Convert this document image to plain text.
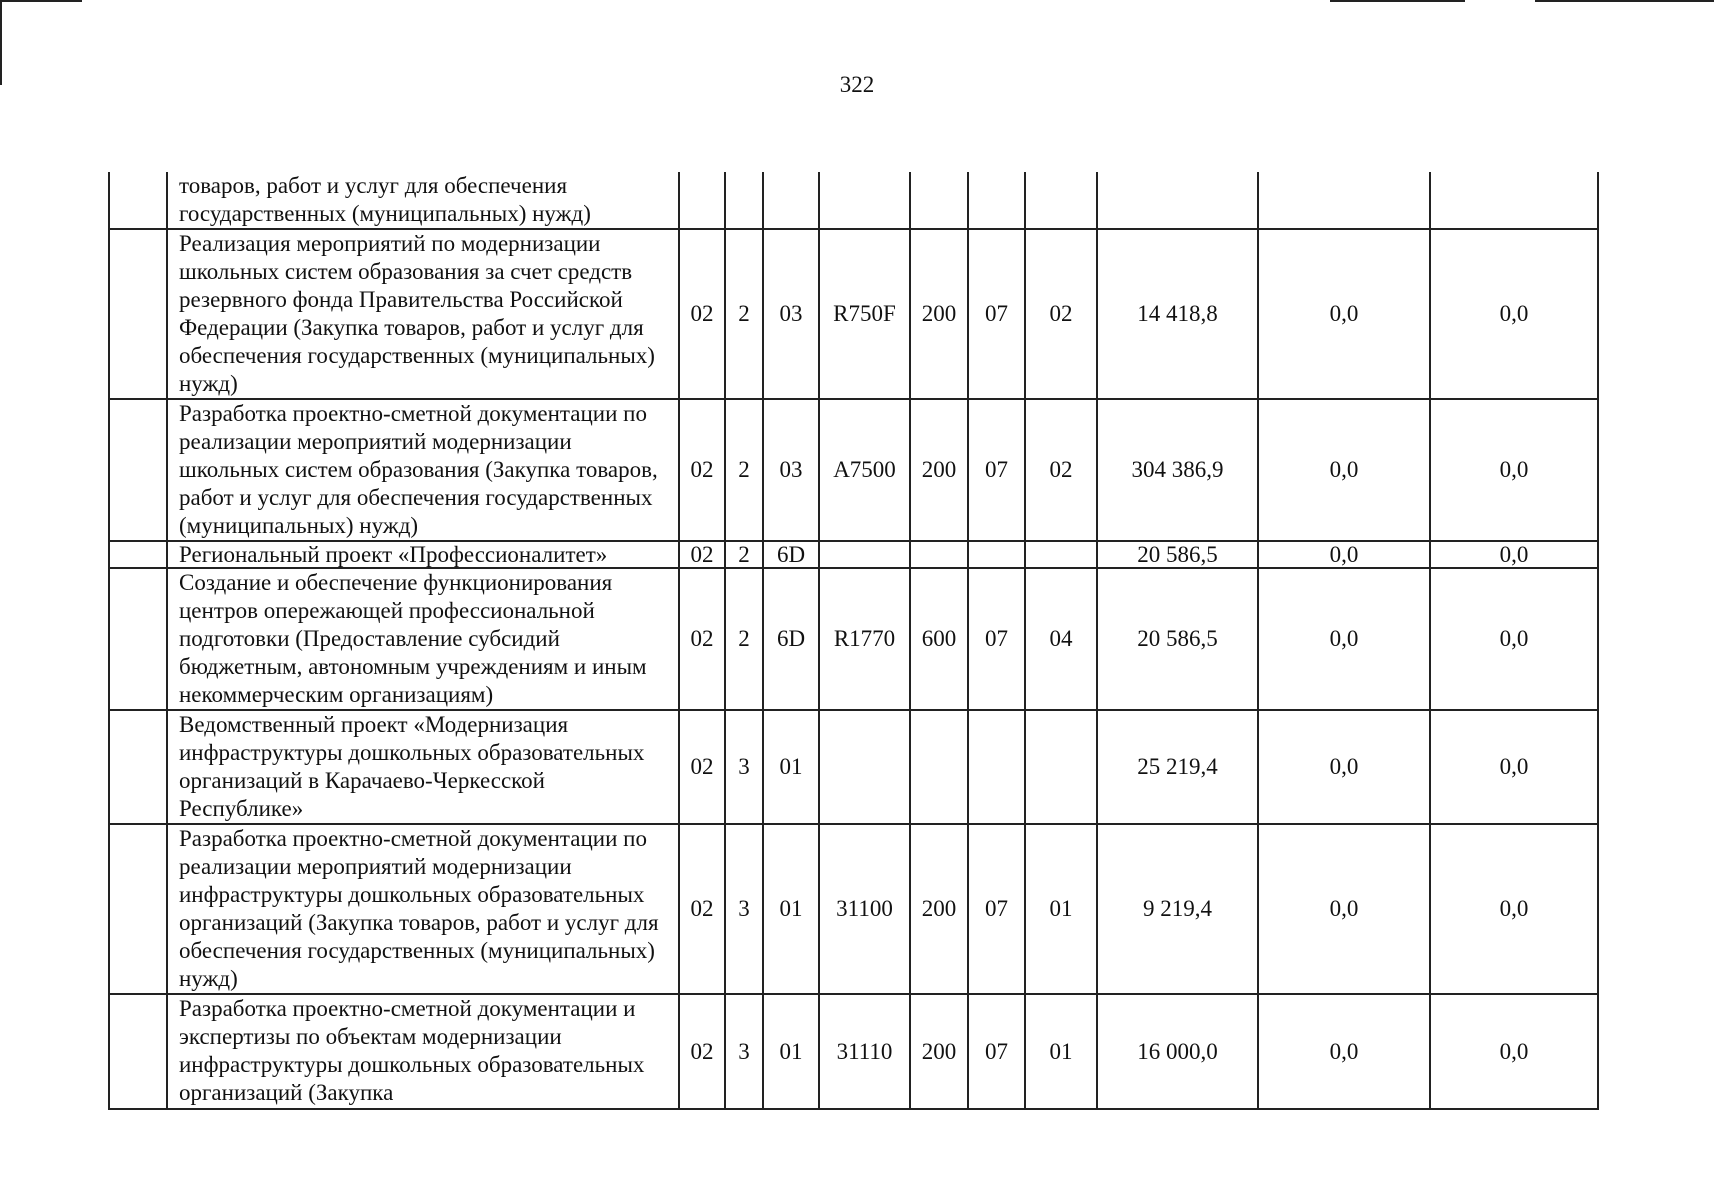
322
	товаров, работ и услуг для обеспечения государственных (муниципальных) нужд)										
	Реализация мероприятий по модернизации школьных систем образования за счет средств резервного фонда Правительства Российской Федерации (Закупка товаров, работ и услуг для обеспечения государственных (муниципальных) нужд)	02	2	03	R750F	200	07	02	14 418,8	0,0	0,0
	Разработка проектно-сметной документации по реализации мероприятий модернизации школьных систем образования (Закупка товаров, работ и услуг для обеспечения государственных (муниципальных) нужд)	02	2	03	A7500	200	07	02	304 386,9	0,0	0,0
	Региональный проект «Профессионалитет»	02	2	6D					20 586,5	0,0	0,0
	Создание и обеспечение функционирования центров опережающей профессиональной подготовки (Предоставление субсидий бюджетным, автономным учреждениям и иным некоммерческим организациям)	02	2	6D	R1770	600	07	04	20 586,5	0,0	0,0
	Ведомственный проект «Модернизация инфраструктуры дошкольных образовательных организаций в Карачаево-Черкесской Республике»	02	3	01					25 219,4	0,0	0,0
	Разработка проектно-сметной документации по реализации мероприятий модернизации инфраструктуры дошкольных образовательных организаций (Закупка товаров, работ и услуг для обеспечения государственных (муниципальных) нужд)	02	3	01	31100	200	07	01	9 219,4	0,0	0,0
	Разработка проектно-сметной документации и экспертизы по объектам модернизации инфраструктуры дошкольных образовательных организаций (Закупка	02	3	01	31110	200	07	01	16 000,0	0,0	0,0
